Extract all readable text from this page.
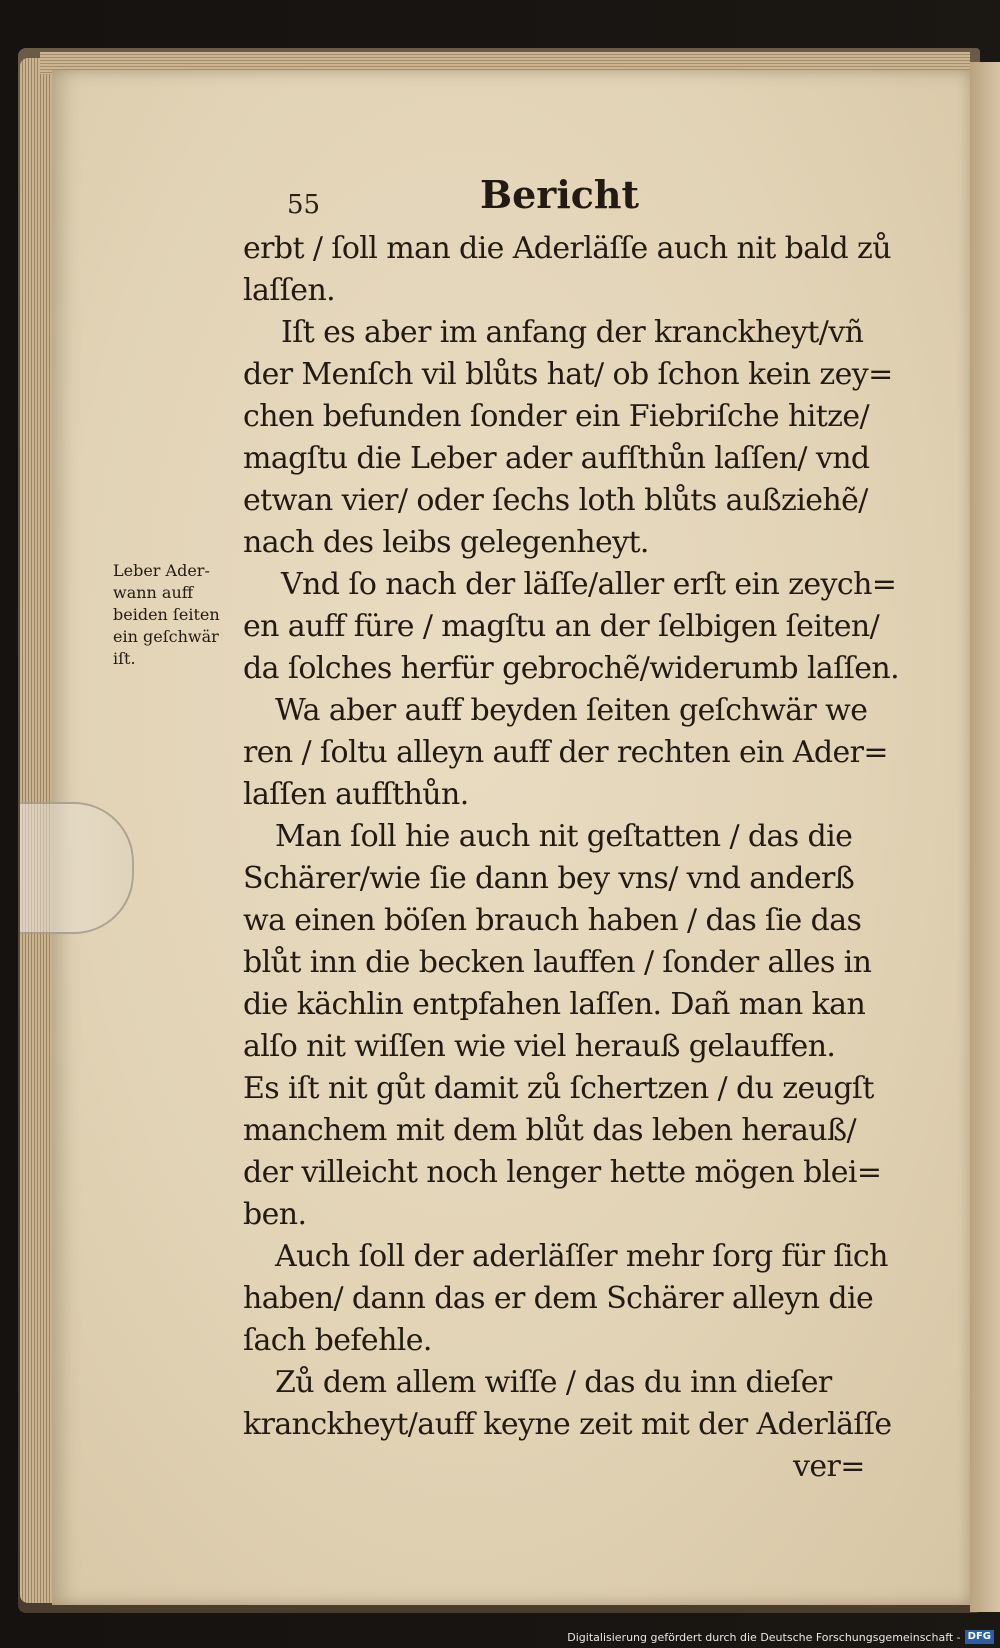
55	Bericht
Leber Ader-
wann auff
beiden ſeiten
ein geſchwär
iſt.
erbt / ſoll man die Aderläſſe auch nit bald zů
laſſen.
Iſt es aber im anfang der kranckheyt/vñ
der Menſch vil blůts hat/ ob ſchon kein zey=
chen befunden ſonder ein Fiebriſche hitze/
magſtu die Leber ader aufſthůn laſſen/ vnd
etwan vier/ oder ſechs loth blůts außziehẽ/
nach des leibs gelegenheyt.
Vnd ſo nach der läſſe/aller erſt ein zeych=
en auff füre / magſtu an der ſelbigen ſeiten/
da ſolches herfür gebrochẽ/widerumb laſſen.
Wa aber auff beyden ſeiten geſchwär we
ren / ſoltu alleyn auff der rechten ein Ader=
laſſen aufſthůn.
Man ſoll hie auch nit geſtatten / das die
Schärer/wie ſie dann bey vns/ vnd anderß
wa einen böſen brauch haben / das ſie das
blůt inn die becken lauffen / ſonder alles in
die kächlin entpfahen laſſen. Dañ man kan
alſo nit wiſſen wie viel herauß gelauffen.
Es iſt nit gůt damit zů ſchertzen / du zeugſt
manchem mit dem blůt das leben herauß/
der villeicht noch lenger hette mögen blei=
ben.
Auch ſoll der aderläſſer mehr ſorg für ſich
haben/ dann das er dem Schärer alleyn die
ſach befehle.
Zů dem allem wiſſe / das du inn dieſer
kranckheyt/auff keyne zeit mit der Aderläſſe
ver=
Digitalisierung gefördert durch die Deutsche Forschungsgemeinschaft - DFG
